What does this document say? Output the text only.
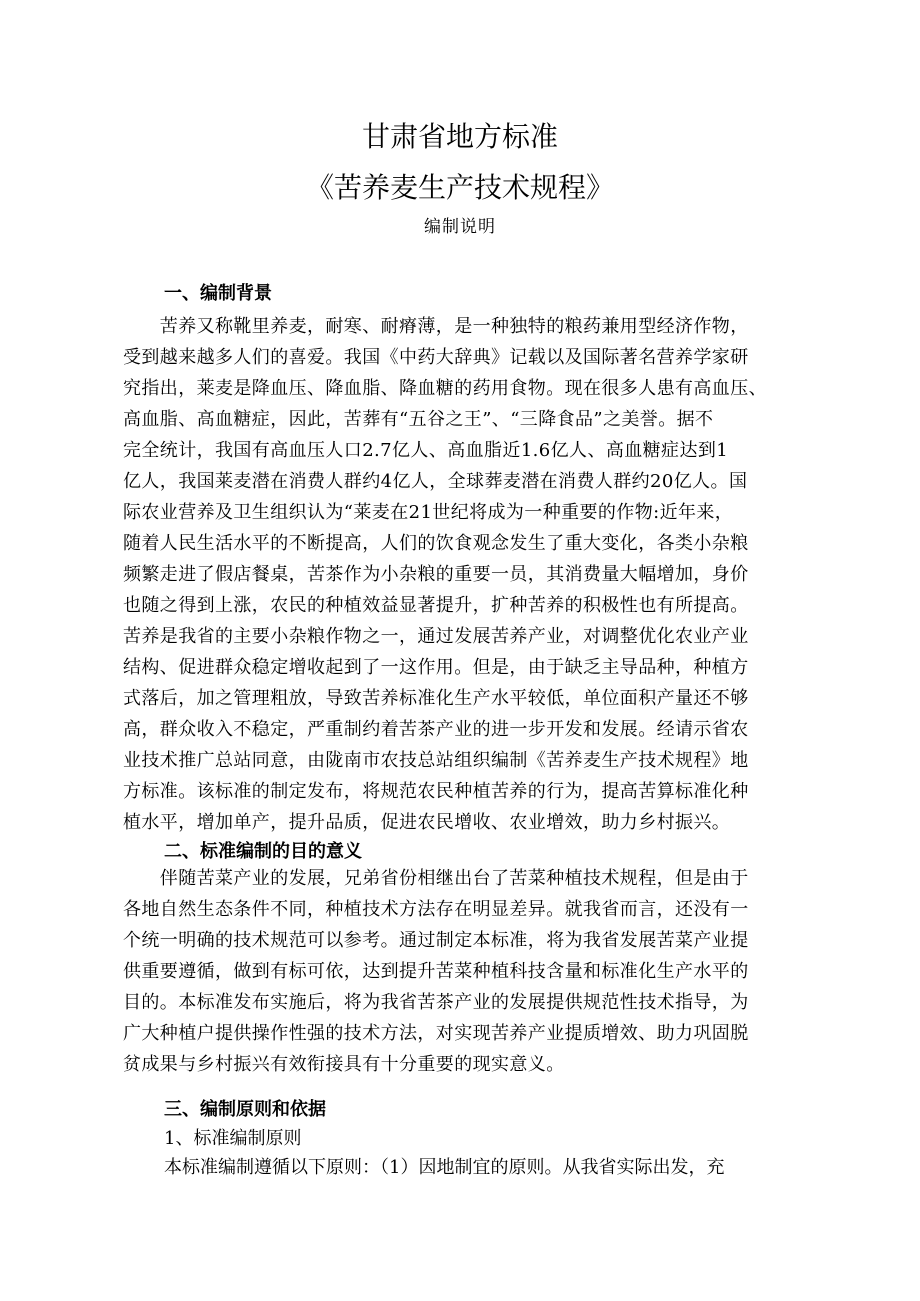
甘肃省地方标准
《苦养麦生产技术规程》
编制说明
一、编制背景
　　苦养又称靴里养麦，耐寒、耐瘠薄，是一种独特的粮药兼用型经济作物，
受到越来越多人们的喜爱。我国《中药大辞典》记载以及国际著名营养学家研
究指出，莱麦是降血压、降血脂、降血糖的药用食物。现在很多人患有高血压、
高血脂、高血糖症，因此，苦葬有“五谷之王”、“三降食品”之美誉。据不
完全统计，我国有高血压人口2.7亿人、高血脂近1.6亿人、高血糖症达到1
亿人，我国莱麦潜在消费人群约4亿人，全球葬麦潜在消费人群约20亿人。国
际农业营养及卫生组织认为“莱麦在21世纪将成为一种重要的作物:近年来，
随着人民生活水平的不断提高，人们的饮食观念发生了重大变化，各类小杂粮
频繁走进了假店餐桌，苦茶作为小杂粮的重要一员，其消费量大幅增加，身价
也随之得到上涨，农民的种植效益显著提升，扩种苦养的积极性也有所提高。
苦养是我省的主要小杂粮作物之一，通过发展苦养产业，对调整优化农业产业
结构、促进群众稳定增收起到了一这作用。但是，由于缺乏主导品种，种植方
式落后，加之管理粗放，导致苦养标准化生产水平较低，单位面积产量还不够
高，群众收入不稳定，严重制约着苦茶产业的进一步开发和发展。经请示省农
业技术推广总站同意，由陇南市农技总站组织编制《苦养麦生产技术规程》地
方标准。该标准的制定发布，将规范农民种植苦养的行为，提高苦算标准化种
植水平，增加单产，提升品质，促进农民增收、农业增效，助力乡村振兴。
二、标准编制的目的意义
　　伴随苦菜产业的发展，兄弟省份相继出台了苦菜种植技术规程，但是由于
各地自然生态条件不同，种植技术方法存在明显差异。就我省而言，还没有一
个统一明确的技术规范可以参考。通过制定本标准，将为我省发展苦菜产业提
供重要遵循，做到有标可依，达到提升苦菜种植科技含量和标准化生产水平的
目的。本标准发布实施后，将为我省苦茶产业的发展提供规范性技术指导，为
广大种植户提供操作性强的技术方法，对实现苦养产业提质增效、助力巩固脱
贫成果与乡村振兴有效衔接具有十分重要的现实意义。
三、编制原则和依据
1、标准编制原则
本标准编制遵循以下原则：（1）因地制宜的原则。从我省实际出发，充
